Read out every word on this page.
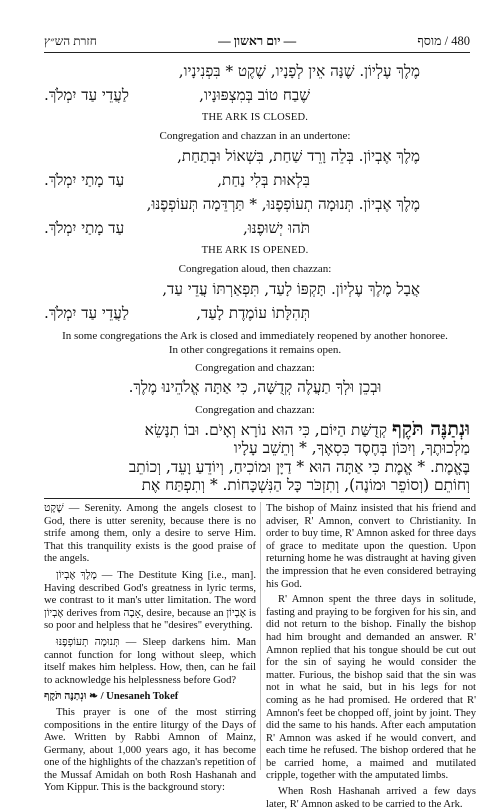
חזרת הש״ץ	— יום ראשון —	480 / מוסף
מֶלֶךְ עֶלְיוֹן. שֶׁנָּה אֵין לְפָנָיו, שֶׁקֶט * בִּפְנִינָיו,
שֶׁבַח טוֹב בְּמִצְפּוּנָיו,
לַעֲדֵי עַד יִמְלֹךְ.
THE ARK IS CLOSED.
Congregation and chazzan in an undertone:
מֶלֶךְ אֶבְיוֹן. בְּלֵה וָרֵד שַׁחַת, בִּשְׁאוֹל וּבְתַחַת,
בִּלְאוּת בְּלִי נַחַת,
עַד מָתַי יִמְלֹךְ.
מֶלֶךְ אֶבְיוֹן. תְּנוּמָה תְעוֹפְפֶנּוּ, * תַּרְדֵּמָה תְּעוֹפְפֶנּוּ,
תֹּהוּ יְשׁוּפֶנּוּ,
עַד מָתַי יִמְלֹךְ.
THE ARK IS OPENED.
Congregation aloud, then chazzan:
אֲבָל מֶלֶךְ עֶלְיוֹן. תָּקְפּוֹ לָעַד, תִּפְאַרְתּוֹ עֲדֵי עַד,
תְּהִלָּתוֹ עוֹמֶדֶת לָעַד,
לַעֲדֵי עַד יִמְלֹךְ.
In some congregations the Ark is closed and immediately reopened by another honoree.
In other congregations it remains open.
Congregation and chazzan:
וּבְכֵן וּלְךָ תַעֲלֶה קְדֻשָּׁה, כִּי אַתָּה אֱלֹהֵינוּ מֶלֶךְ.
Congregation and chazzan:
וּנְתַנֶּה תֹּקֶף קְדֻשַּׁת הַיּוֹם, כִּי הוּא נוֹרָא וְאָיֹם. וּבוֹ תִנָּשֵׂא
מַלְכוּתֶךָ, וְיִכּוֹן בְּחֶסֶד כִּסְאֶךָ, * וְתֵשֵׁב עָלָיו

שֶׁקֶט — Serenity. Among the angels closest to God, there is utter serenity, because there is no strife among them, only a desire to serve Him. That this tranquility exists is the good praise of the angels.

מֶלֶךְ אֶבְיוֹן — The Destitute King [i.e., man]. Having described God's greatness in lyric terms, we contrast to it man's utter limitation. The word אֶבְיוֹן derives from אָבָה, desire, because an אֶבְיוֹן is so poor and helpless that he "desires" everything.

תְּנוּמָה תְעוֹפְפֶנּוּ — Sleep darkens him. Man cannot function for long without sleep, which itself makes him helpless. How, then, can he fail to acknowledge his helplessness before God?

וּנְתַנֶּה תֹּקֶף ❧ / Unesaneh Tokef

This prayer is one of the most stirring compositions in the entire liturgy of the Days of Awe. Written by Rabbi Amnon of Mainz, Germany, about 1,000 years ago, it has become one of the highlights of the chazzan's repetition of the Mussaf Amidah on both Rosh Hashanah and Yom Kippur. This is the background story:

The bishop of Mainz insisted that his friend and adviser, R' Amnon, convert to Christianity. In order to buy time, R' Amnon asked for three days of grace to meditate upon the question. Upon returning home he was distraught at having given the impression that he even considered betraying his God.

R' Amnon spent the three days in solitude, fasting and praying to be forgiven for his sin, and did not return to the bishop. Finally the bishop had him brought and demanded an answer. R' Amnon replied that his tongue should be cut out for the sin of saying he would consider the matter. Furious, the bishop said that the sin was not in what he said, but in his legs for not coming as he had promised. He ordered that R' Amnon's feet be chopped off, joint by joint. They did the same to his hands. After each amputation R' Amnon was asked if he would convert, and each time he refused. The bishop ordered that he be carried home, a maimed and mutilated cripple, together with the amputated limbs.

When Rosh Hashanah arrived a few days later, R' Amnon asked to be carried to the Ark.

בֶּאֱמֶת. * אֱמֶת כִּי אַתָּה הוּא * דַיָּן וּמוֹכִיחַ, וְיוֹדֵעַ וָעֵד, וְכוֹתֵב
וְחוֹתֵם (וְסוֹפֵר וּמוֹנֶה), וְתִזְכֹּר כָּל הַנִּשְׁכָּחוֹת. * וְתִפְתַּח אֶת
